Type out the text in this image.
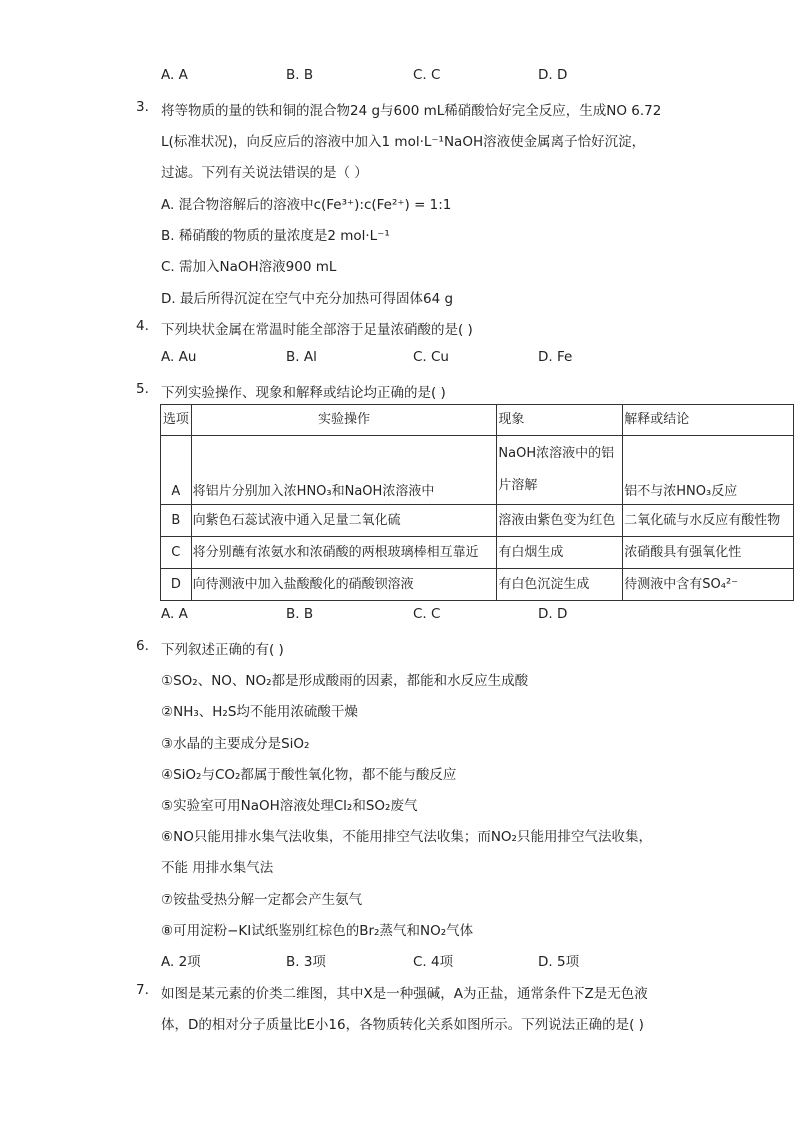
A. A	B. B	C. C	D. D
3. 将等物质的量的铁和铜的混合物24 g与600 mL稀硝酸恰好完全反应，生成NO 6.72
L(标准状况)，向反应后的溶液中加入1 mol·L⁻¹NaOH溶液使金属离子恰好沉淀，
过滤。下列有关说法错误的是（ ）
A. 混合物溶解后的溶液中c(Fe³⁺):c(Fe²⁺) = 1:1
B. 稀硝酸的物质的量浓度是2 mol·L⁻¹
C. 需加入NaOH溶液900 mL
D. 最后所得沉淀在空气中充分加热可得固体64 g
4. 下列块状金属在常温时能全部溶于足量浓硝酸的是( )
A. Au	B. Al	C. Cu	D. Fe
5. 下列实验操作、现象和解释或结论均正确的是( )
选项	实验操作	现象	解释或结论
A	将铝片分别加入浓HNO₃和NaOH浓溶液中	NaOH浓溶液中的铝片溶解	铝不与浓HNO₃反应
B	向紫色石蕊试液中通入足量二氧化硫	溶液由紫色变为红色	二氧化硫与水反应有酸性物
C	将分别蘸有浓氨水和浓硝酸的两根玻璃棒相互靠近	有白烟生成	浓硝酸具有强氧化性
D	向待测液中加入盐酸酸化的硝酸钡溶液	有白色沉淀生成	待测液中含有SO₄²⁻
A. A	B. B	C. C	D. D
6. 下列叙述正确的有( )
①SO₂、NO、NO₂都是形成酸雨的因素，都能和水反应生成酸
②NH₃、H₂S均不能用浓硫酸干燥
③水晶的主要成分是SiO₂
④SiO₂与CO₂都属于酸性氧化物，都不能与酸反应
⑤实验室可用NaOH溶液处理Cl₂和SO₂废气
⑥NO只能用排水集气法收集，不能用排空气法收集；而NO₂只能用排空气法收集，
不能 用排水集气法
⑦铵盐受热分解一定都会产生氨气
⑧可用淀粉−KI试纸鉴别红棕色的Br₂蒸气和NO₂气体
A. 2项	B. 3项	C. 4项	D. 5项
7. 如图是某元素的价类二维图，其中X是一种强碱，A为正盐，通常条件下Z是无色液
体，D的相对分子质量比E小16，各物质转化关系如图所示。下列说法正确的是( )
